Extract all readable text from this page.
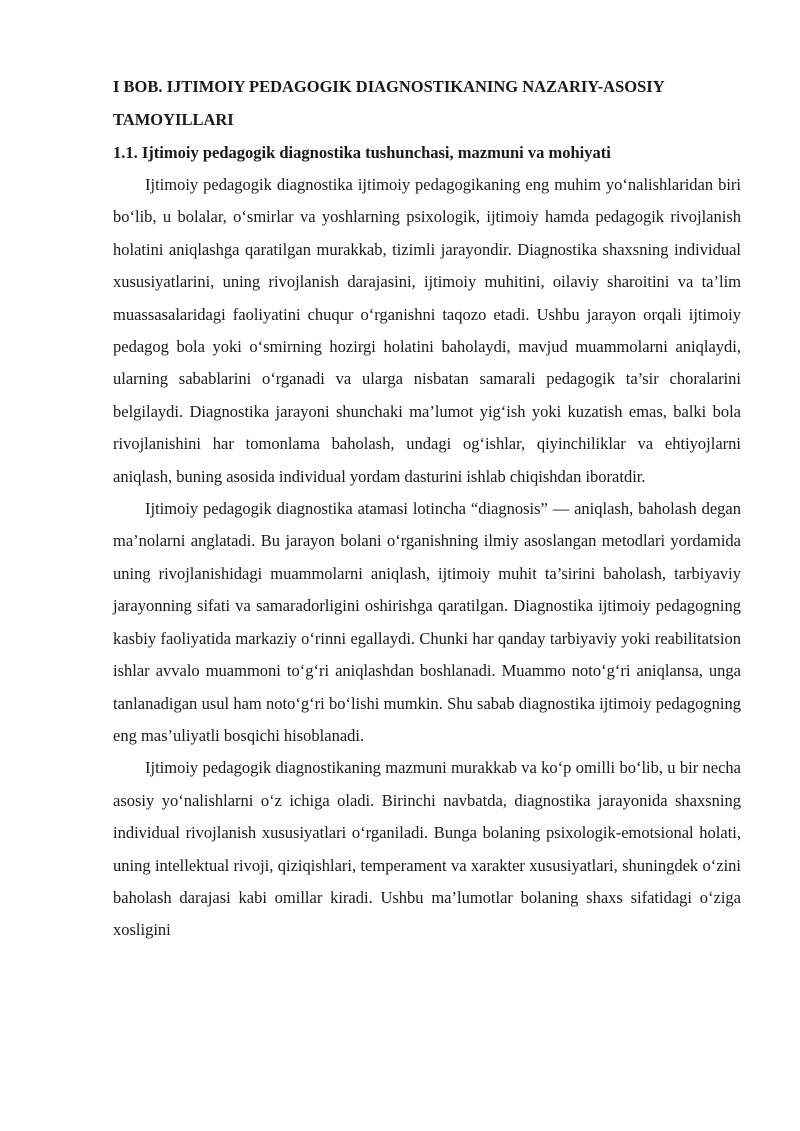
I BOB. IJTIMOIY PEDAGOGIK DIAGNOSTIKANING NAZARIY-ASOSIY TAMOYILLARI
1.1. Ijtimoiy pedagogik diagnostika tushunchasi, mazmuni va mohiyati

Ijtimoiy pedagogik diagnostika ijtimoiy pedagogikaning eng muhim yo‘nalishlaridan biri bo‘lib, u bolalar, o‘smirlar va yoshlarning psixologik, ijtimoiy hamda pedagogik rivojlanish holatini aniqlashga qaratilgan murakkab, tizimli jarayondir. Diagnostika shaxsning individual xususiyatlarini, uning rivojlanish darajasini, ijtimoiy muhitini, oilaviy sharoitini va ta’lim muassasalaridagi faoliyatini chuqur o‘rganishni taqozo etadi. Ushbu jarayon orqali ijtimoiy pedagog bola yoki o‘smirning hozirgi holatini baholaydi, mavjud muammolarni aniqlaydi, ularning sabablarini o‘rganadi va ularga nisbatan samarali pedagogik ta’sir choralarini belgilaydi. Diagnostika jarayoni shunchaki ma’lumot yig‘ish yoki kuzatish emas, balki bola rivojlanishini har tomonlama baholash, undagi og‘ishlar, qiyinchiliklar va ehtiyojlarni aniqlash, buning asosida individual yordam dasturini ishlab chiqishdan iboratdir.

Ijtimoiy pedagogik diagnostika atamasi lotincha “diagnosis” — aniqlash, baholash degan ma’nolarni anglatadi. Bu jarayon bolani o‘rganishning ilmiy asoslangan metodlari yordamida uning rivojlanishidagi muammolarni aniqlash, ijtimoiy muhit ta’sirini baholash, tarbiyaviy jarayonning sifati va samaradorligini oshirishga qaratilgan. Diagnostika ijtimoiy pedagogning kasbiy faoliyatida markaziy o‘rinni egallaydi. Chunki har qanday tarbiyaviy yoki reabilitatsion ishlar avvalo muammoni to‘g‘ri aniqlashdan boshlanadi. Muammo noto‘g‘ri aniqlansa, unga tanlanadigan usul ham noto‘g‘ri bo‘lishi mumkin. Shu sabab diagnostika ijtimoiy pedagogning eng mas’uliyatli bosqichi hisoblanadi.

Ijtimoiy pedagogik diagnostikaning mazmuni murakkab va ko‘p omilli bo‘lib, u bir necha asosiy yo‘nalishlarni o‘z ichiga oladi. Birinchi navbatda, diagnostika jarayonida shaxsning individual rivojlanish xususiyatlari o‘rganiladi. Bunga bolaning psixologik-emotsional holati, uning intellektual rivoji, qiziqishlari, temperament va xarakter xususiyatlari, shuningdek o‘zini baholash darajasi kabi omillar kiradi. Ushbu ma’lumotlar bolaning shaxs sifatidagi o‘ziga xosligini
